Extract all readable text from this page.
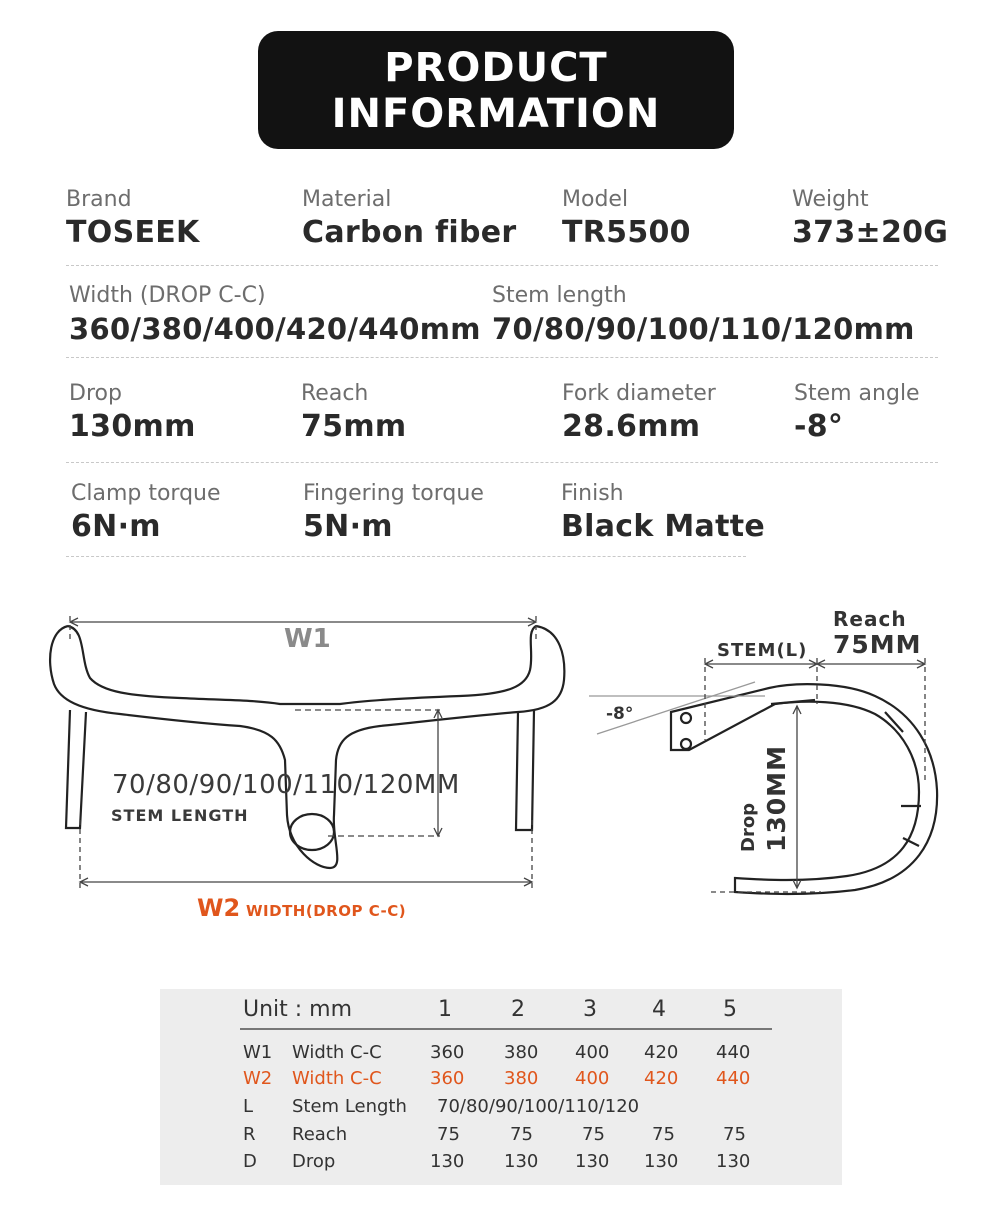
PRODUCT
INFORMATION
Brand
TOSEEK
Material
Carbon fiber
Model
TR5500
Weight
373±20G
Width (DROP C-C)
360/380/400/420/440mm
Stem length
70/80/90/100/110/120mm
Drop
130mm
Reach
75mm
Fork diameter
28.6mm
Stem angle
-8°
Clamp torque
6N·m
Fingering torque
5N·m
Finish
Black Matte
W1
70/80/90/100/110/120MM
STEM LENGTH
W2 WIDTH(DROP C-C)
Reach
75MM
STEM(L)
-8°
Drop 130MM
Unit : mm	1	2	3	4	5
W1 Width C-C	360 380 400 420 440
W2 Width C-C	360 380 400 420 440
L Stem Length 70/80/90/100/110/120
R Reach	75	75	75	75	75
D Drop	130 130 130 130 130
